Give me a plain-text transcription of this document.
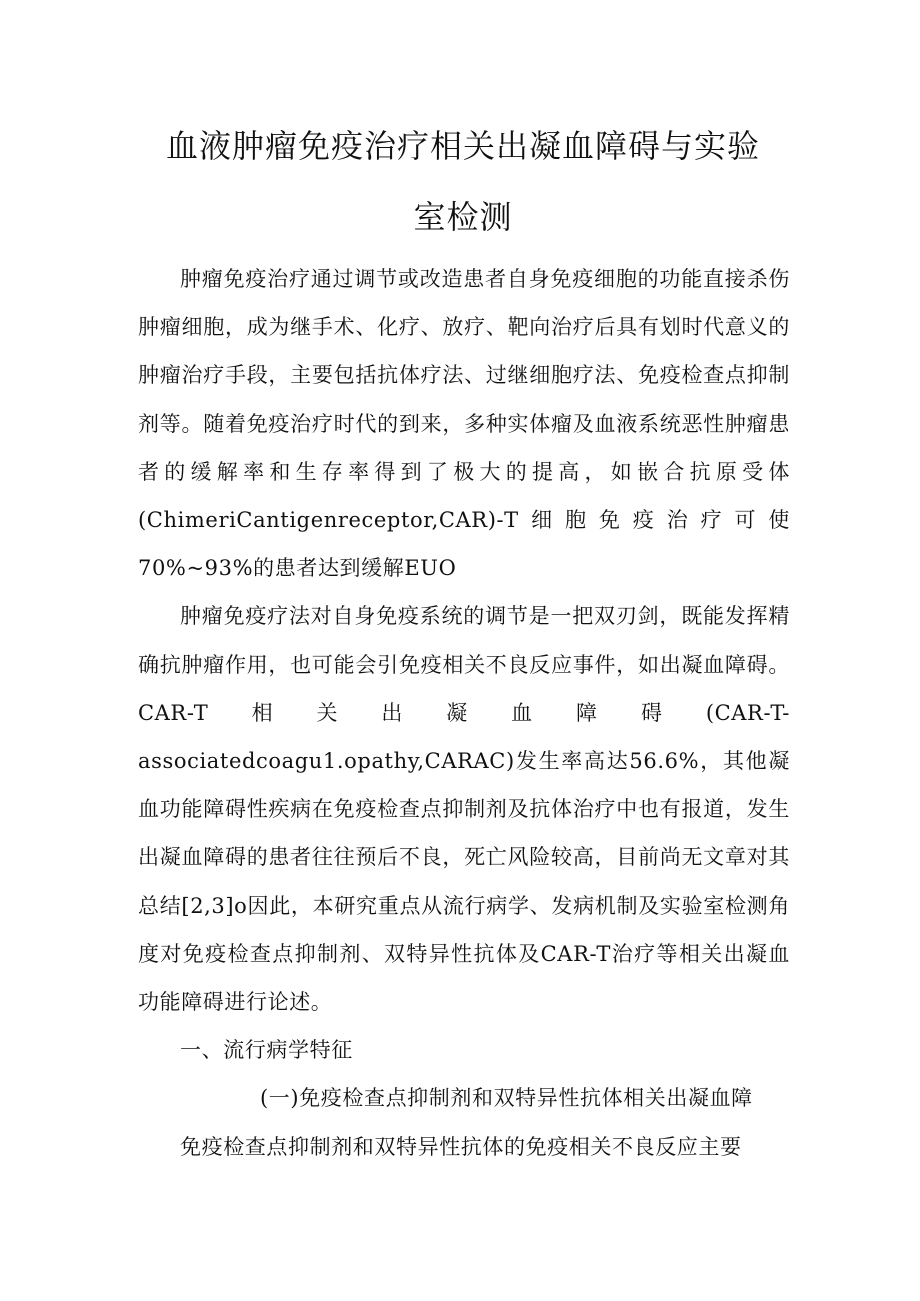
血液肿瘤免疫治疗相关出凝血障碍与实验
室检测

肿瘤免疫治疗通过调节或改造患者自身免疫细胞的功能直接杀伤肿瘤细胞，成为继手术、化疗、放疗、靶向治疗后具有划时代意义的肿瘤治疗手段，主要包括抗体疗法、过继细胞疗法、免疫检查点抑制剂等。随着免疫治疗时代的到来，多种实体瘤及血液系统恶性肿瘤患者的缓解率和生存率得到了极大的提高，如嵌合抗原受体(ChimeriCantigenreceptor,CAR)-T细胞免疫治疗可使70%~93%的患者达到缓解EUO

肿瘤免疫疗法对自身免疫系统的调节是一把双刃剑，既能发挥精确抗肿瘤作用，也可能会引免疫相关不良反应事件，如出凝血障碍。CAR-T相关出凝血障碍(CAR-T-associatedcoagu1.opathy,CARAC)发生率高达56.6%，其他凝血功能障碍性疾病在免疫检查点抑制剂及抗体治疗中也有报道，发生出凝血障碍的患者往往预后不良，死亡风险较高，目前尚无文章对其总结[2,3]o因此，本研究重点从流行病学、发病机制及实验室检测角度对免疫检查点抑制剂、双特异性抗体及CAR-T治疗等相关出凝血功能障碍进行论述。

一、流行病学特征

(一)免疫检查点抑制剂和双特异性抗体相关出凝血障

免疫检查点抑制剂和双特异性抗体的免疫相关不良反应主要
